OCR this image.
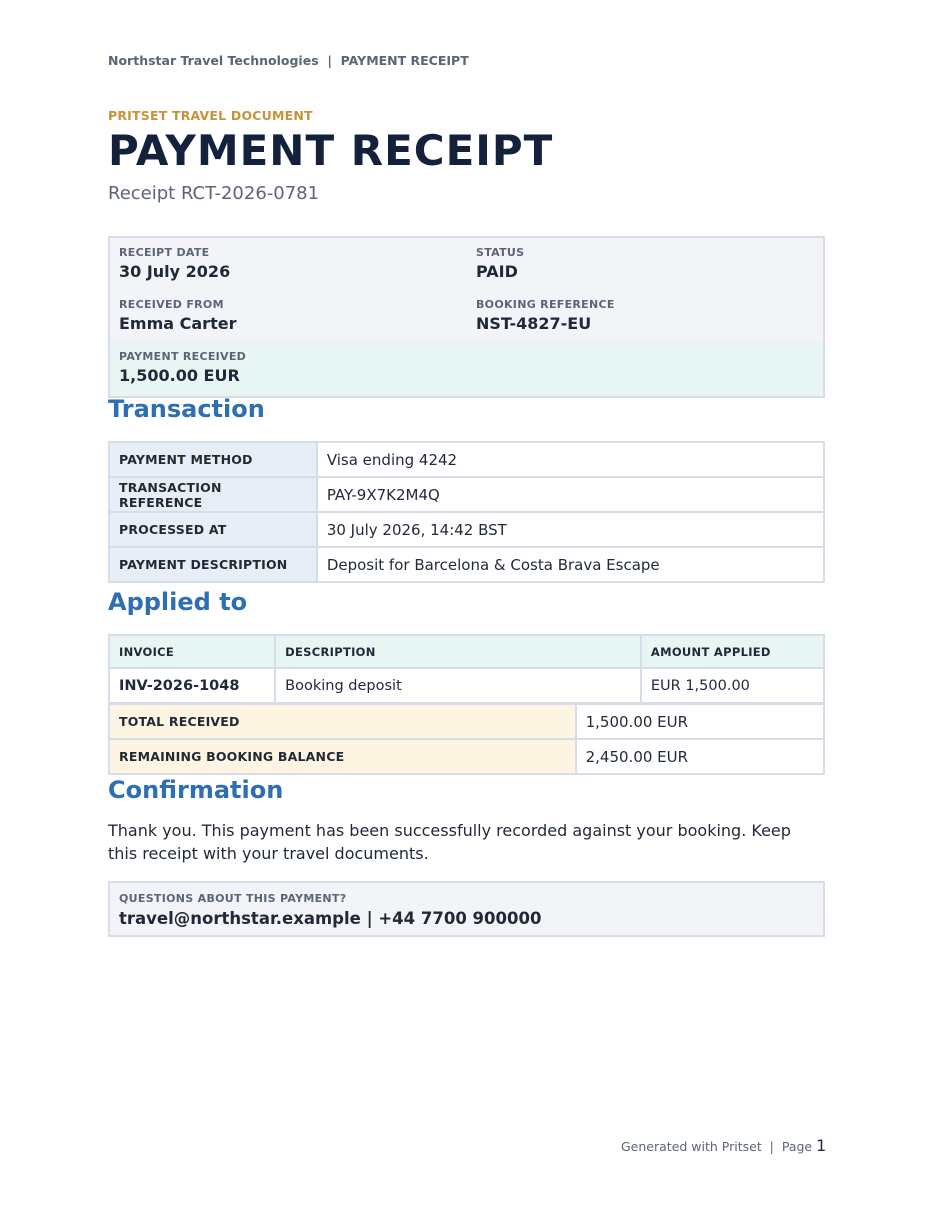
Northstar Travel Technologies | PAYMENT RECEIPT
PRITSET TRAVEL DOCUMENT
PAYMENT RECEIPT
Receipt RCT-2026-0781
RECEIPT DATE
30 July 2026
STATUS
PAID
RECEIVED FROM
Emma Carter
BOOKING REFERENCE
NST-4827-EU
PAYMENT RECEIVED
1,500.00 EUR
Transaction
PAYMENT METHOD	Visa ending 4242
TRANSACTION REFERENCE	PAY-9X7K2M4Q
PROCESSED AT	30 July 2026, 14:42 BST
PAYMENT DESCRIPTION	Deposit for Barcelona & Costa Brava Escape
Applied to
INVOICE	DESCRIPTION	AMOUNT APPLIED
INV-2026-1048	Booking deposit	EUR 1,500.00
TOTAL RECEIVED	1,500.00 EUR
REMAINING BOOKING BALANCE	2,450.00 EUR
Confirmation
Thank you. This payment has been successfully recorded against your booking. Keep this receipt with your travel documents.
QUESTIONS ABOUT THIS PAYMENT?
travel@northstar.example | +44 7700 900000
Generated with Pritset | Page 1
